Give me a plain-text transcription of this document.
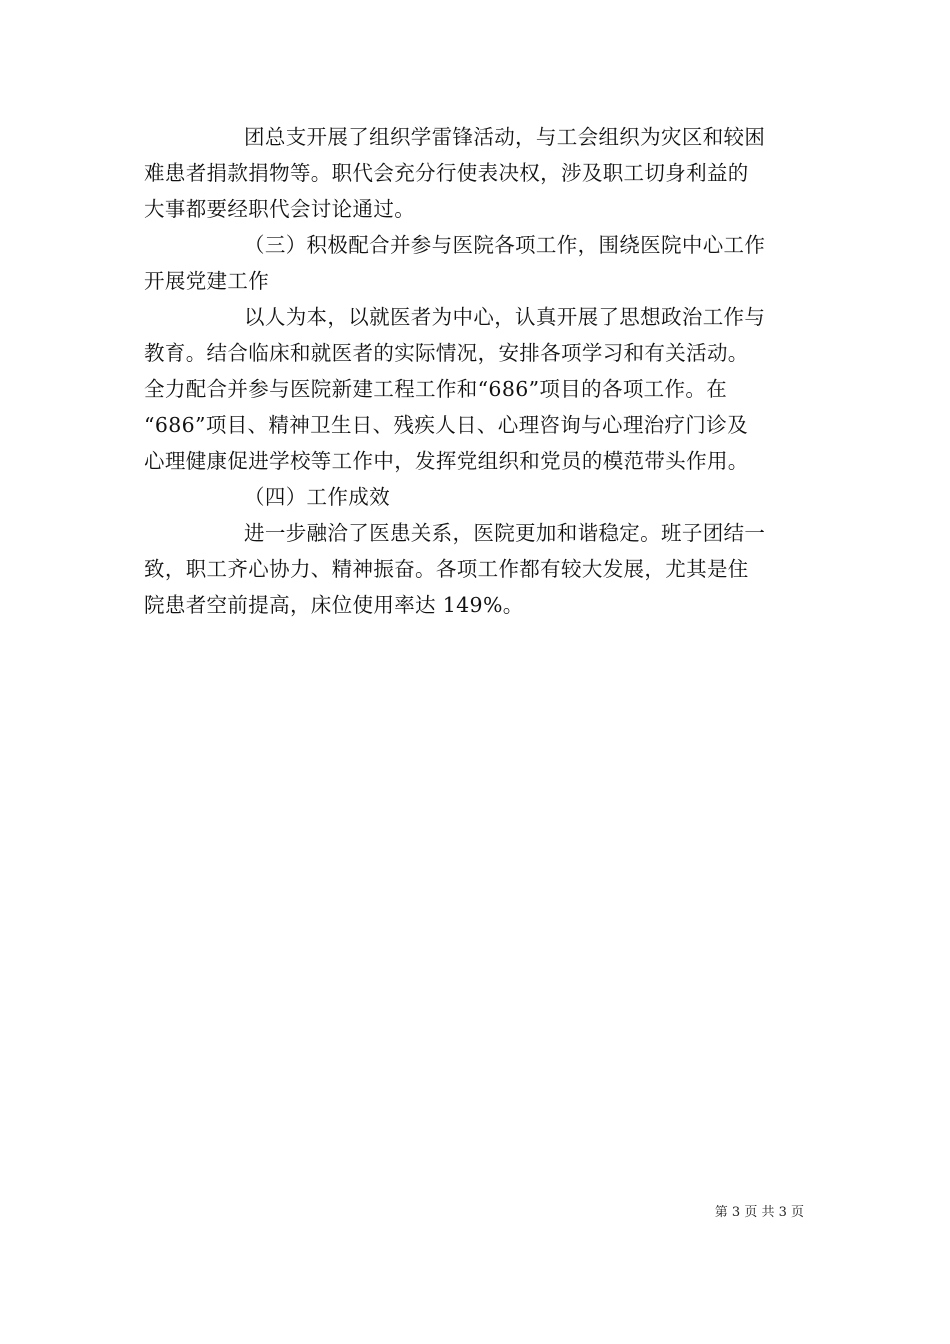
团总支开展了组织学雷锋活动，与工会组织为灾区和较困
难患者捐款捐物等。职代会充分行使表决权，涉及职工切身利益的
大事都要经职代会讨论通过。
（三）积极配合并参与医院各项工作，围绕医院中心工作
开展党建工作
以人为本，以就医者为中心，认真开展了思想政治工作与
教育。结合临床和就医者的实际情况，安排各项学习和有关活动。
全力配合并参与医院新建工程工作和“686”项目的各项工作。在
“686”项目、精神卫生日、残疾人日、心理咨询与心理治疗门诊及
心理健康促进学校等工作中，发挥党组织和党员的模范带头作用。
（四）工作成效
进一步融洽了医患关系，医院更加和谐稳定。班子团结一
致，职工齐心协力、精神振奋。各项工作都有较大发展，尤其是住
院患者空前提高，床位使用率达 149%。
第 3 页 共 3 页
